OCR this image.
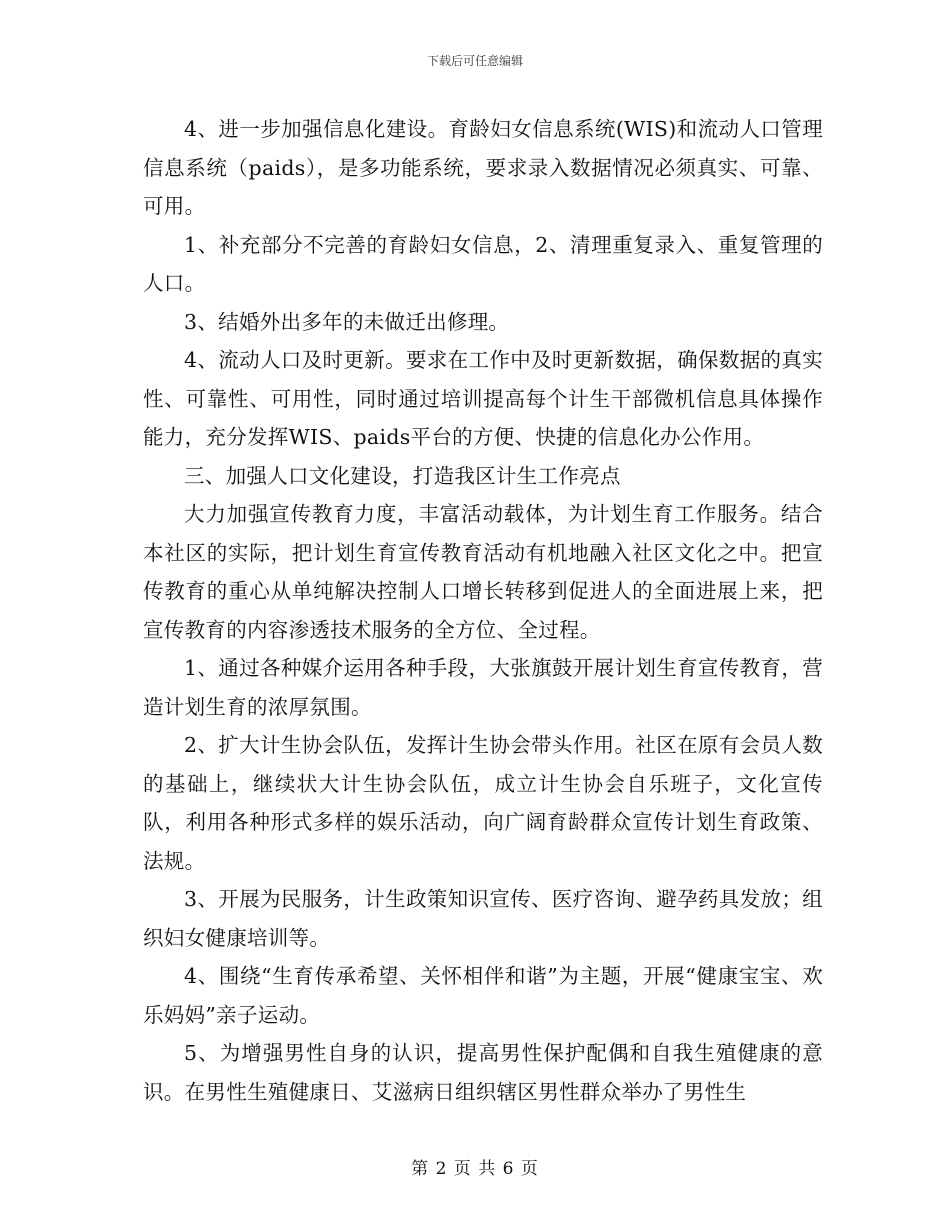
下载后可任意编辑

4、进一步加强信息化建设。育龄妇女信息系统(WIS)和流动人口管理信息系统（paids），是多功能系统，要求录入数据情况必须真实、可靠、可用。

1、补充部分不完善的育龄妇女信息，2、清理重复录入、重复管理的人口。

3、结婚外出多年的未做迁出修理。

4、流动人口及时更新。要求在工作中及时更新数据，确保数据的真实性、可靠性、可用性，同时通过培训提高每个计生干部微机信息具体操作能力，充分发挥WIS、paids平台的方便、快捷的信息化办公作用。

三、加强人口文化建设，打造我区计生工作亮点

大力加强宣传教育力度，丰富活动载体，为计划生育工作服务。结合本社区的实际，把计划生育宣传教育活动有机地融入社区文化之中。把宣传教育的重心从单纯解决控制人口增长转移到促进人的全面进展上来，把宣传教育的内容渗透技术服务的全方位、全过程。

1、通过各种媒介运用各种手段，大张旗鼓开展计划生育宣传教育，营造计划生育的浓厚氛围。

2、扩大计生协会队伍，发挥计生协会带头作用。社区在原有会员人数的基础上，继续状大计生协会队伍，成立计生协会自乐班子，文化宣传队，利用各种形式多样的娱乐活动，向广阔育龄群众宣传计划生育政策、法规。

3、开展为民服务，计生政策知识宣传、医疗咨询、避孕药具发放；组织妇女健康培训等。

4、围绕“生育传承希望、关怀相伴和谐”为主题，开展“健康宝宝、欢乐妈妈”亲子运动。

5、为增强男性自身的认识，提高男性保护配偶和自我生殖健康的意识。在男性生殖健康日、艾滋病日组织辖区男性群众举办了男性生

第 2 页 共 6 页
